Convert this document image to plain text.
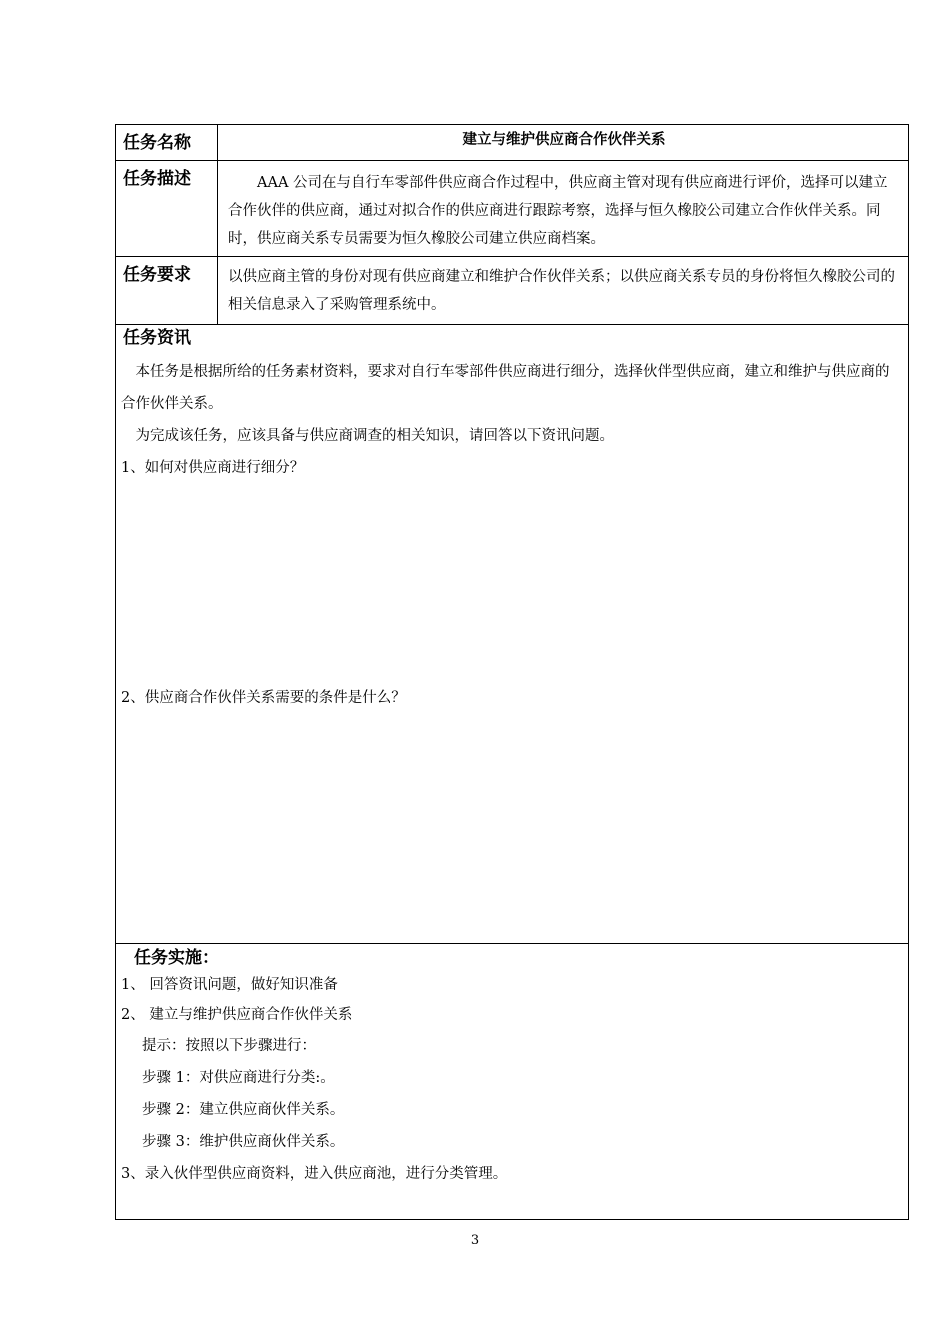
任务名称	建立与维护供应商合作伙伴关系
任务描述	AAA 公司在与自行车零部件供应商合作过程中，供应商主管对现有供应商进行评价，选择可以建立合作伙伴的供应商，通过对拟合作的供应商进行跟踪考察，选择与恒久橡胶公司建立合作伙伴关系。同时，供应商关系专员需要为恒久橡胶公司建立供应商档案。
任务要求	以供应商主管的身份对现有供应商建立和维护合作伙伴关系；以供应商关系专员的身份将恒久橡胶公司的相关信息录入了采购管理系统中。
任务资讯
本任务是根据所给的任务素材资料，要求对自行车零部件供应商进行细分，选择伙伴型供应商，建立和维护与供应商的合作伙伴关系。
为完成该任务，应该具备与供应商调查的相关知识，请回答以下资讯问题。
1、如何对供应商进行细分？
2、供应商合作伙伴关系需要的条件是什么？
任务实施：
1、 回答资讯问题，做好知识准备
2、 建立与维护供应商合作伙伴关系
提示：按照以下步骤进行：
步骤 1：对供应商进行分类:。
步骤 2：建立供应商伙伴关系。
步骤 3：维护供应商伙伴关系。
3、录入伙伴型供应商资料，进入供应商池，进行分类管理。
3
